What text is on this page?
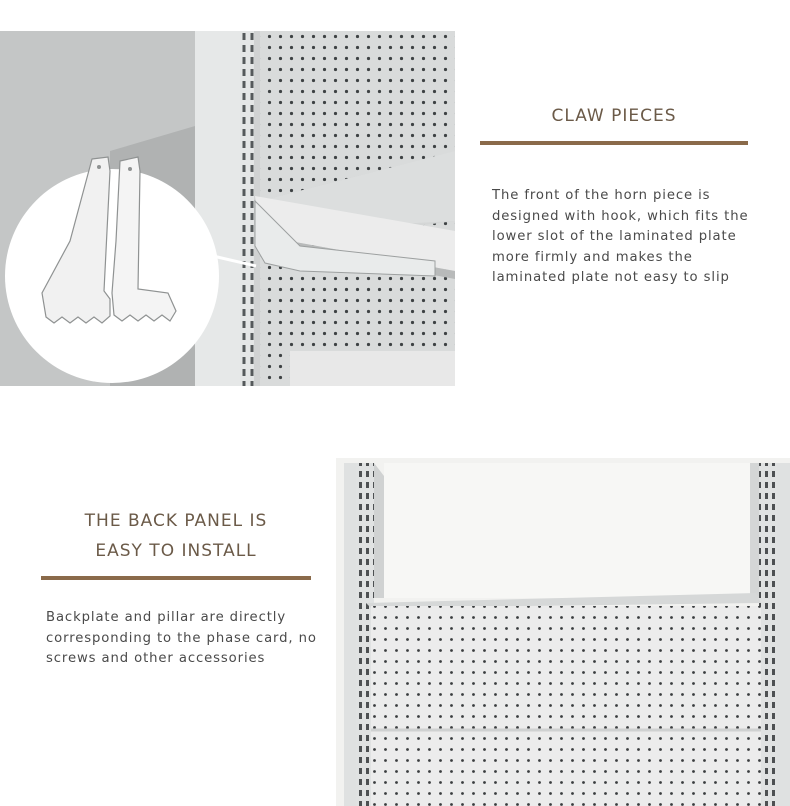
CLAW PIECES

The front of the horn piece is designed with hook, which fits the lower slot of the laminated plate more firmly and makes the laminated plate not easy to slip

THE BACK PANEL IS
EASY TO INSTALL

Backplate and pillar are directly corresponding to the phase card, no screws and other accessories
